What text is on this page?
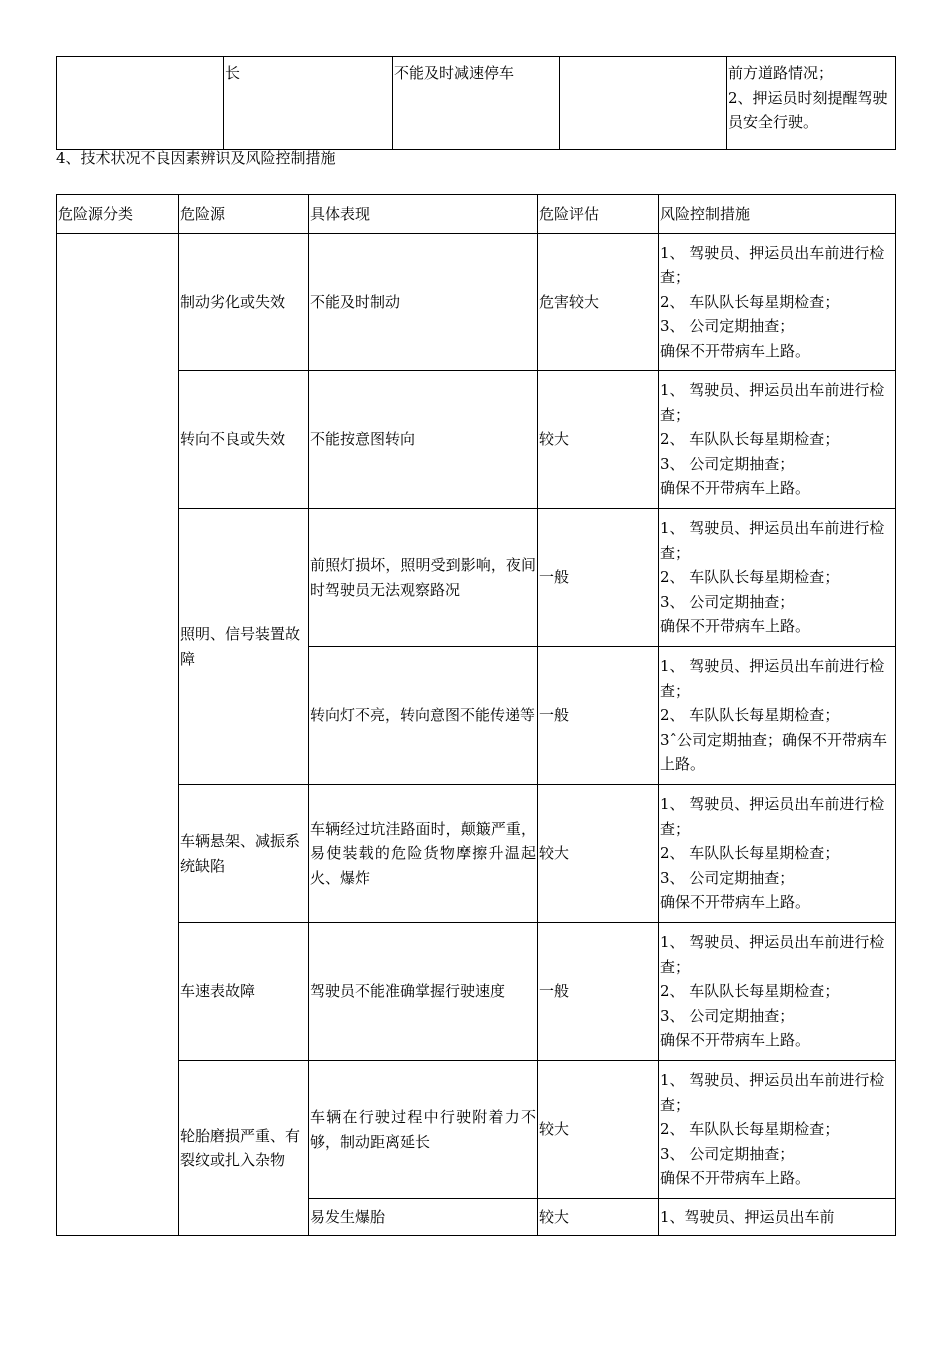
	长	不能及时减速停车		前方道路情况；
2、押运员时刻提醒驾驶员安全行驶。
4、技术状况不良因素辨识及风险控制措施
危险源分类	危险源	具体表现	危险评估	风险控制措施
	制动劣化或失效	不能及时制动	危害较大	1、 驾驶员、押运员出车前进行检查；
2、 车队队长每星期检查；
3、 公司定期抽查；
确保不开带病车上路。
	转向不良或失效	不能按意图转向	较大	1、 驾驶员、押运员出车前进行检查；
2、 车队队长每星期检查；
3、 公司定期抽查；
确保不开带病车上路。
	照明、信号装置故障	前照灯损坏，照明受到影响，夜间时驾驶员无法观察路况	一般	1、 驾驶员、押运员出车前进行检查；
2、 车队队长每星期检查；
3、 公司定期抽查；
确保不开带病车上路。
		转向灯不亮，转向意图不能传递等	一般	1、 驾驶员、押运员出车前进行检查；
2、 车队队长每星期检查；
3ˆ公司定期抽查；确保不开带病车上路。
	车辆悬架、减振系统缺陷	车辆经过坑洼路面时，颠簸严重，易使装载的危险货物摩擦升温起火、爆炸	较大	1、 驾驶员、押运员出车前进行检查；
2、 车队队长每星期检查；
3、 公司定期抽查；
确保不开带病车上路。
	车速表故障	驾驶员不能准确掌握行驶速度	一般	1、 驾驶员、押运员出车前进行检查；
2、 车队队长每星期检查；
3、 公司定期抽查；
确保不开带病车上路。
	轮胎磨损严重、有裂纹或扎入杂物	车辆在行驶过程中行驶附着力不够，制动距离延长	较大	1、 驾驶员、押运员出车前进行检查；
2、 车队队长每星期检查；
3、 公司定期抽查；
确保不开带病车上路。
		易发生爆胎	较大	1、驾驶员、押运员出车前
